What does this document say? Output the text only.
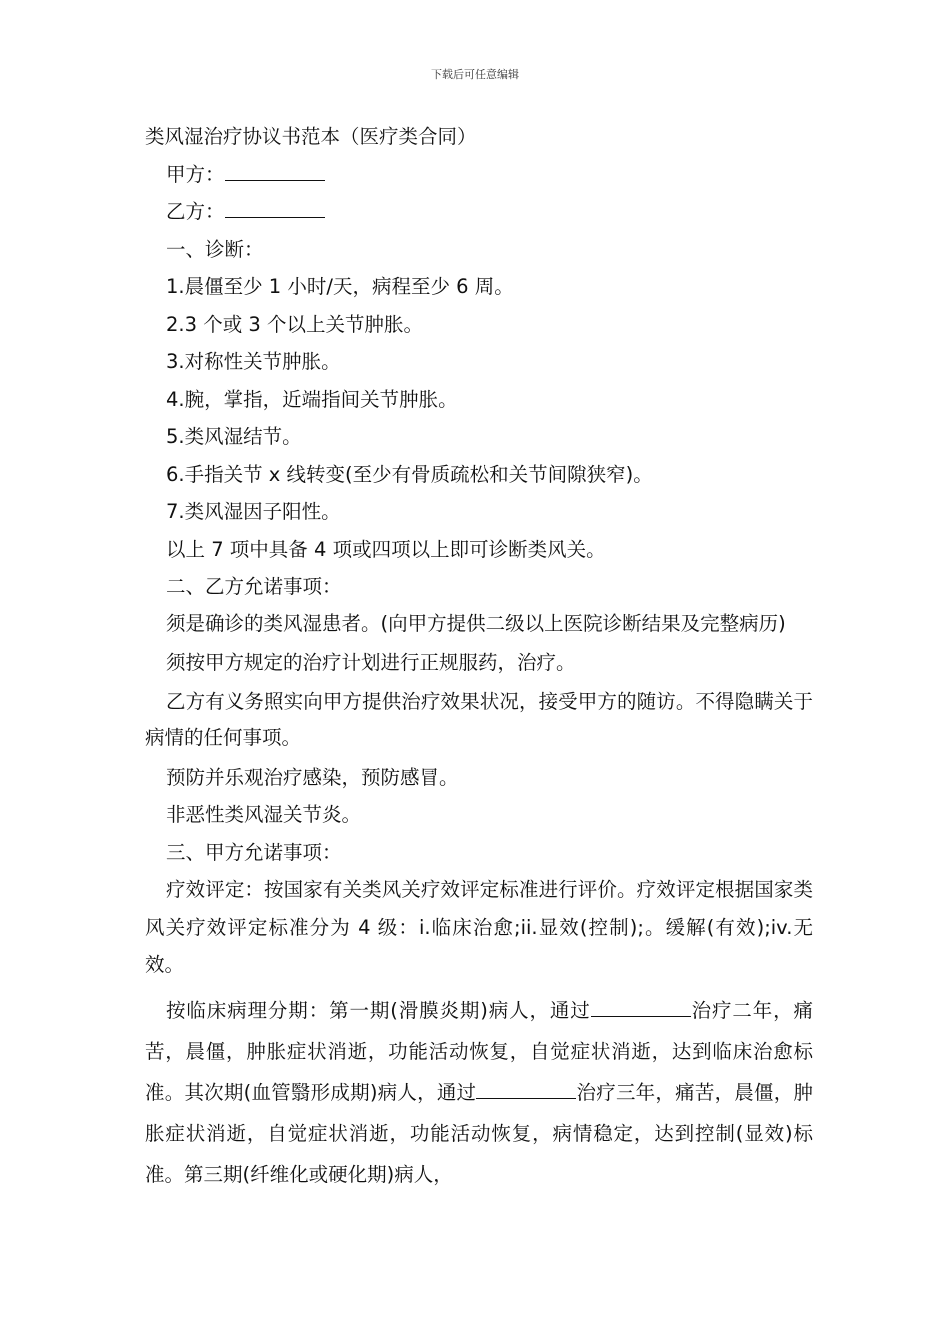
下载后可任意编辑

类风湿治疗协议书范本（医疗类合同）

甲方：

乙方：

一、诊断：

1.晨僵至少 1 小时/天，病程至少 6 周。

2.3 个或 3 个以上关节肿胀。

3.对称性关节肿胀。

4.腕，掌指，近端指间关节肿胀。

5.类风湿结节。

6.手指关节 x 线转变(至少有骨质疏松和关节间隙狭窄)。

7.类风湿因子阳性。

以上 7 项中具备 4 项或四项以上即可诊断类风关。

二、乙方允诺事项：

须是确诊的类风湿患者。(向甲方提供二级以上医院诊断结果及完整病历)

须按甲方规定的治疗计划进行正规服药，治疗。

乙方有义务照实向甲方提供治疗效果状况，接受甲方的随访。不得隐瞒关于病情的任何事项。

预防并乐观治疗感染，预防感冒。

非恶性类风湿关节炎。

三、甲方允诺事项：

疗效评定：按国家有关类风关疗效评定标准进行评价。疗效评定根据国家类风关疗效评定标准分为 4 级：i.临床治愈;ii.显效(控制);。缓解(有效);iv.无效。

按临床病理分期：第一期(滑膜炎期)病人，通过	治疗二年，痛苦，晨僵，肿胀症状消逝，功能活动恢复，自觉症状消逝，达到临床治愈标准。其次期(血管翳形成期)病人，通过	治疗三年，痛苦，晨僵，肿胀症状消逝，自觉症状消逝，功能活动恢复，病情稳定，达到控制(显效)标准。第三期(纤维化或硬化期)病人，
